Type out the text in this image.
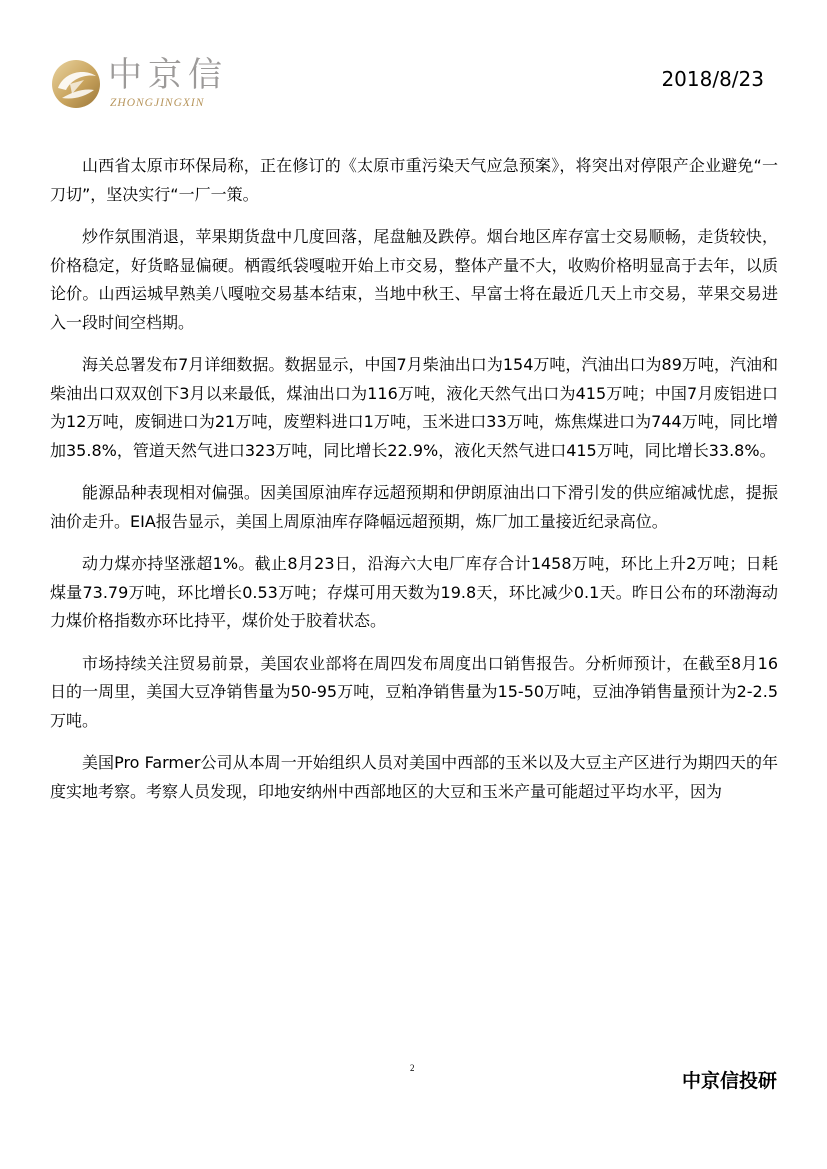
中京信
ZHONGJINGXIN
2018/8/23

山西省太原市环保局称，正在修订的《太原市重污染天气应急预案》，将突出对停限产企业避免“一刀切”，坚决实行“一厂一策。

炒作氛围消退，苹果期货盘中几度回落，尾盘触及跌停。烟台地区库存富士交易顺畅，走货较快，价格稳定，好货略显偏硬。栖霞纸袋嘎啦开始上市交易，整体产量不大，收购价格明显高于去年，以质论价。山西运城早熟美八嘎啦交易基本结束，当地中秋王、早富士将在最近几天上市交易，苹果交易进入一段时间空档期。

海关总署发布7月详细数据。数据显示，中国7月柴油出口为154万吨，汽油出口为89万吨，汽油和柴油出口双双创下3月以来最低，煤油出口为116万吨，液化天然气出口为415万吨；中国7月废铝进口为12万吨，废铜进口为21万吨，废塑料进口1万吨，玉米进口33万吨，炼焦煤进口为744万吨，同比增加35.8%，管道天然气进口323万吨，同比增长22.9%，液化天然气进口415万吨，同比增长33.8%。

能源品种表现相对偏强。因美国原油库存远超预期和伊朗原油出口下滑引发的供应缩减忧虑，提振油价走升。EIA报告显示，美国上周原油库存降幅远超预期，炼厂加工量接近纪录高位。

动力煤亦持坚涨超1%。截止8月23日，沿海六大电厂库存合计1458万吨，环比上升2万吨；日耗煤量73.79万吨，环比增长0.53万吨；存煤可用天数为19.8天，环比减少0.1天。昨日公布的环渤海动力煤价格指数亦环比持平，煤价处于胶着状态。

市场持续关注贸易前景，美国农业部将在周四发布周度出口销售报告。分析师预计，在截至8月16日的一周里，美国大豆净销售量为50-95万吨，豆粕净销售量为15-50万吨，豆油净销售量预计为2-2.5万吨。

美国Pro Farmer公司从本周一开始组织人员对美国中西部的玉米以及大豆主产区进行为期四天的年度实地考察。考察人员发现，印地安纳州中西部地区的大豆和玉米产量可能超过平均水平，因为

2
中京信投研
